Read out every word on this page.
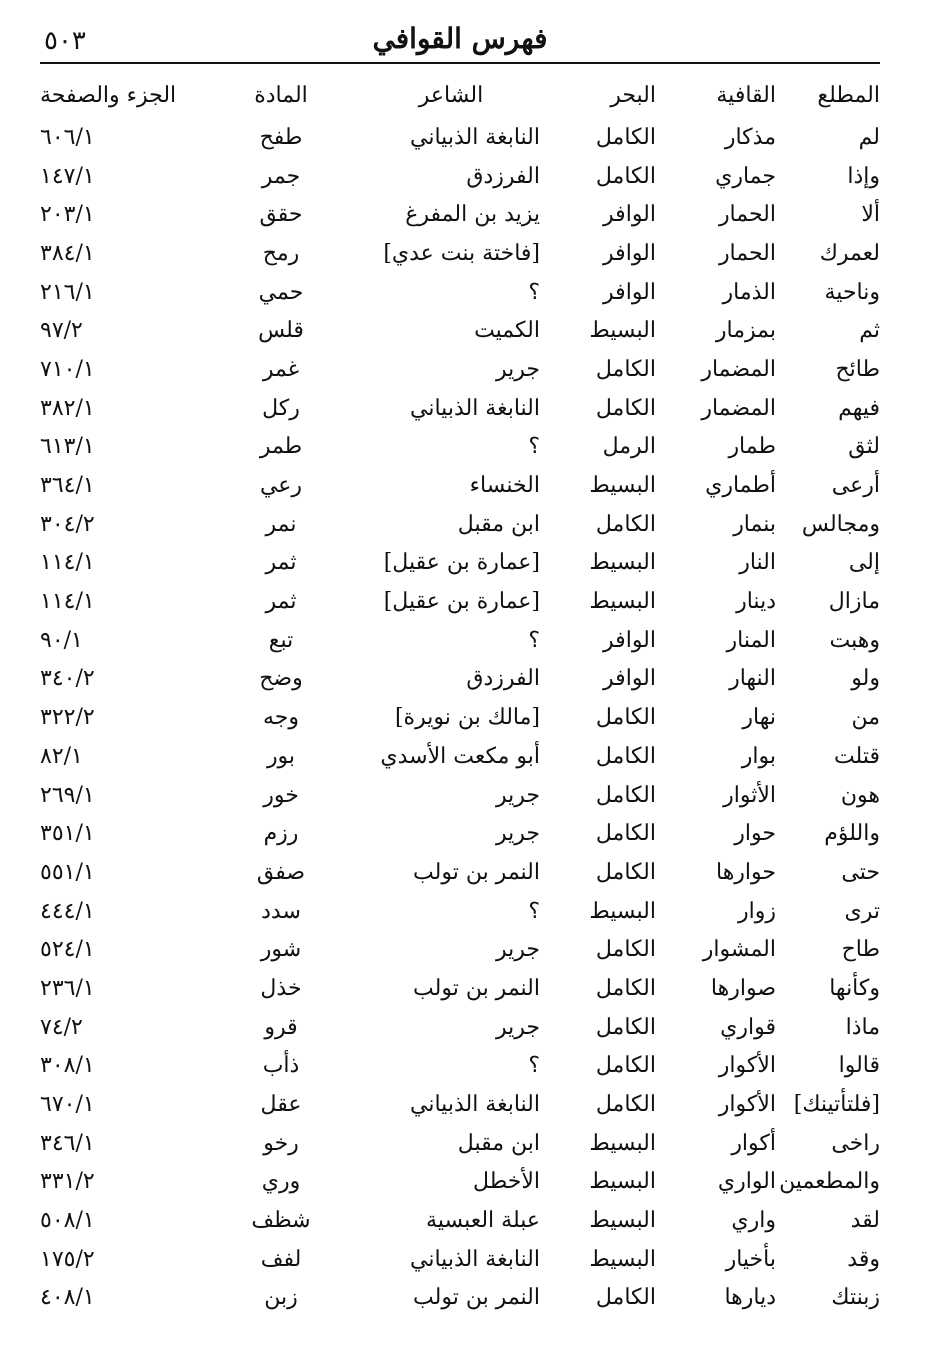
فهرس القوافي
٥٠٣
المطلع	القافية	البحر	الشاعر	المادة	الجزء والصفحة
لم	مذكار	الكامل	النابغة الذبياني	طفح	٦٠٦/١
وإذا	جماري	الكامل	الفرزدق	جمر	١٤٧/١
ألا	الحمار	الوافر	يزيد بن المفرغ	حقق	٢٠٣/١
لعمرك	الحمار	الوافر	[فاختة بنت عدي]	رمح	٣٨٤/١
وناحية	الذمار	الوافر	؟	حمي	٢١٦/١
ثم	بمزمار	البسيط	الكميت	قلس	٩٧/٢
طائح	المضمار	الكامل	جرير	غمر	٧١٠/١
فيهم	المضمار	الكامل	النابغة الذبياني	ركل	٣٨٢/١
لثق	طمار	الرمل	؟	طمر	٦١٣/١
أرعى	أطماري	البسيط	الخنساء	رعي	٣٦٤/١
ومجالس	بنمار	الكامل	ابن مقبل	نمر	٣٠٤/٢
إلى	النار	البسيط	[عمارة بن عقيل]	ثمر	١١٤/١
مازال	دينار	البسيط	[عمارة بن عقيل]	ثمر	١١٤/١
وهبت	المنار	الوافر	؟	تبع	٩٠/١
ولو	النهار	الوافر	الفرزدق	وضح	٣٤٠/٢
من	نهار	الكامل	[مالك بن نويرة]	وجه	٣٢٢/٢
قتلت	بوار	الكامل	أبو مكعت الأسدي	بور	٨٢/١
هون	الأثوار	الكامل	جرير	خور	٢٦٩/١
واللؤم	حوار	الكامل	جرير	رزم	٣٥١/١
حتى	حوارها	الكامل	النمر بن تولب	صفق	٥٥١/١
ترى	زوار	البسيط	؟	سدد	٤٤٤/١
طاح	المشوار	الكامل	جرير	شور	٥٢٤/١
وكأنها	صوارها	الكامل	النمر بن تولب	خذل	٢٣٦/١
ماذا	قواري	الكامل	جرير	قرو	٧٤/٢
قالوا	الأكوار	الكامل	؟	ذأب	٣٠٨/١
[فلتأتينك]	الأكوار	الكامل	النابغة الذبياني	عقل	٦٧٠/١
راخى	أكوار	البسيط	ابن مقبل	رخو	٣٤٦/١
والمطعمين	الواري	البسيط	الأخطل	وري	٣٣١/٢
لقد	واري	البسيط	عبلة العبسية	شظف	٥٠٨/١
وقد	بأخيار	البسيط	النابغة الذبياني	لفف	١٧٥/٢
زبنتك	ديارها	الكامل	النمر بن تولب	زبن	٤٠٨/١
